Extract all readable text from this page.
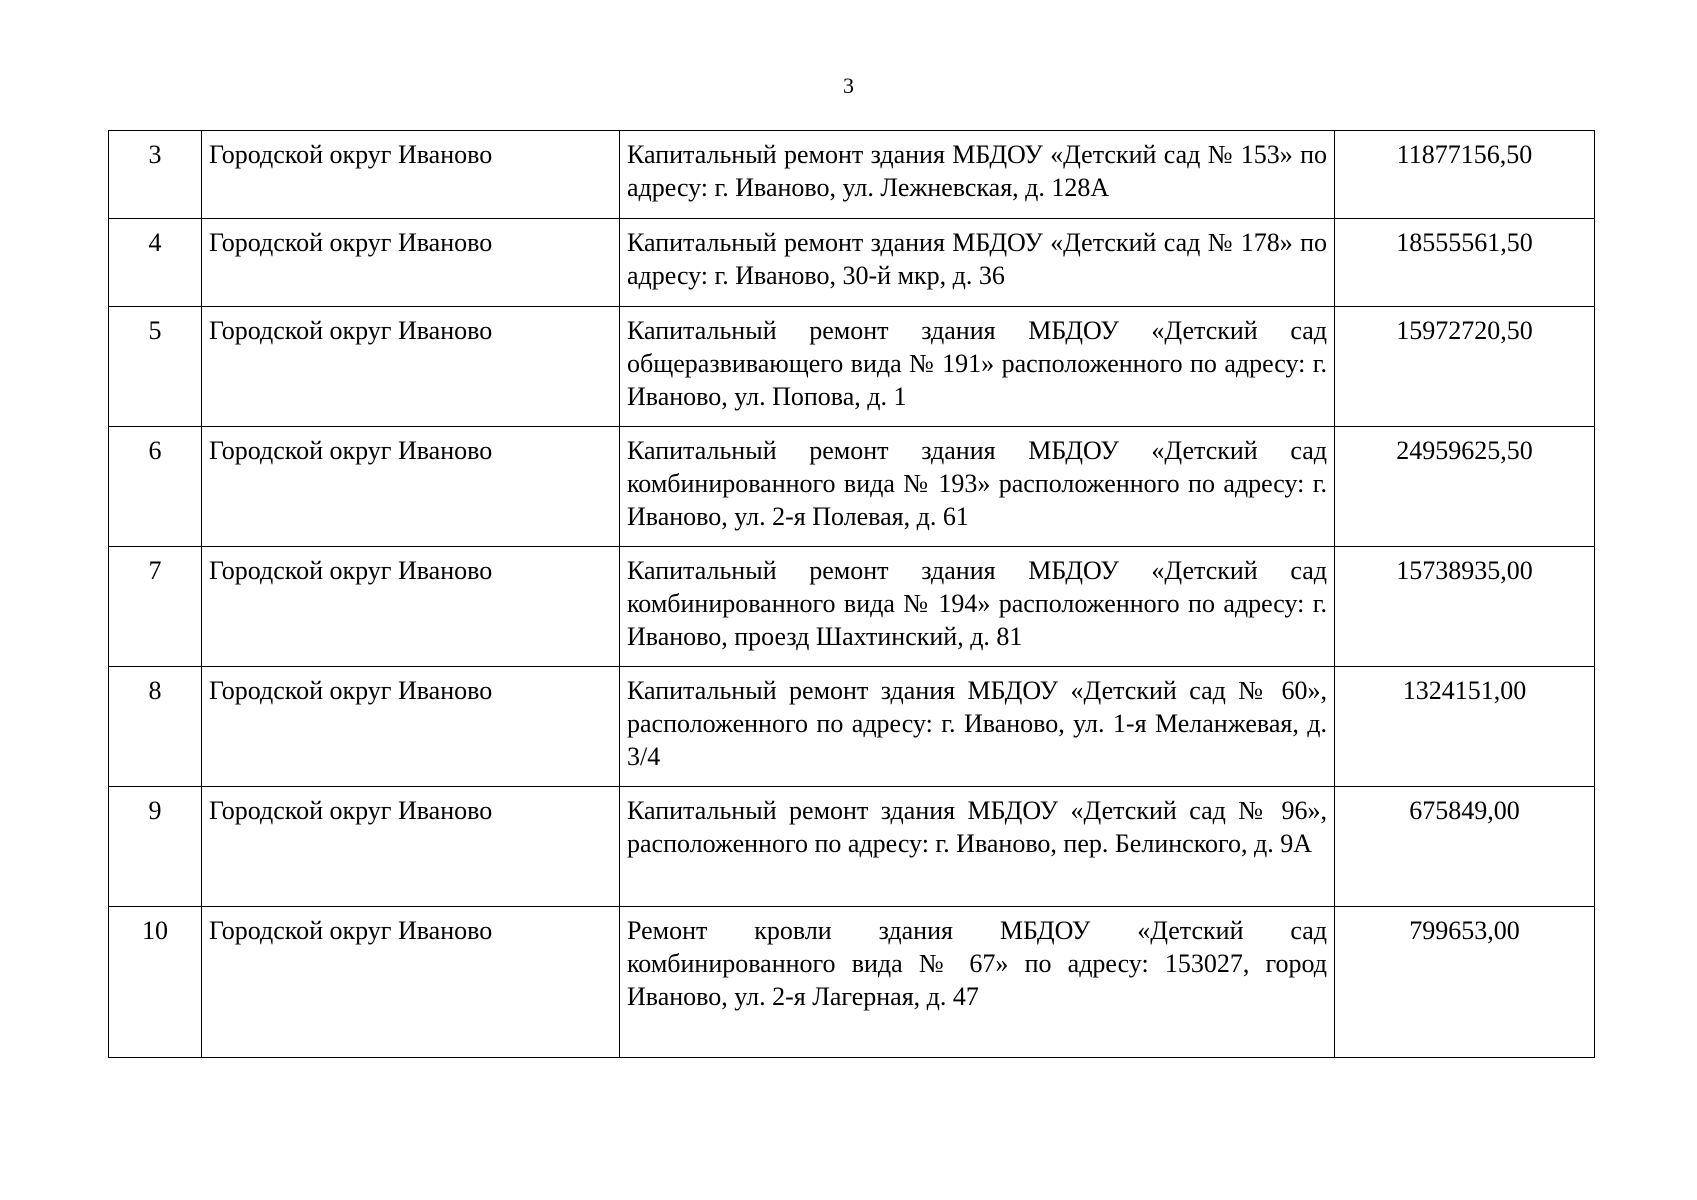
3
3	Городской округ Иваново	Капитальный ремонт здания МБДОУ «Детский сад № 153» по адресу: г. Иваново, ул. Лежневская, д. 128А	11877156,50
4	Городской округ Иваново	Капитальный ремонт здания МБДОУ «Детский сад № 178» по адресу: г. Иваново, 30-й мкр, д. 36	18555561,50
5	Городской округ Иваново	Капитальный ремонт здания МБДОУ «Детский сад общеразвивающего вида № 191» расположенного по адресу: г. Иваново, ул. Попова, д. 1	15972720,50
6	Городской округ Иваново	Капитальный ремонт здания МБДОУ «Детский сад комбинированного вида № 193» расположенного по адресу: г. Иваново, ул. 2-я Полевая, д. 61	24959625,50
7	Городской округ Иваново	Капитальный ремонт здания МБДОУ «Детский сад комбинированного вида № 194» расположенного по адресу: г. Иваново, проезд Шахтинский, д. 81	15738935,00
8	Городской округ Иваново	Капитальный ремонт здания МБДОУ «Детский сад № 60», расположенного по адресу: г. Иваново, ул. 1-я Меланжевая, д. 3/4	1324151,00
9	Городской округ Иваново	Капитальный ремонт здания МБДОУ «Детский сад № 96», расположенного по адресу: г. Иваново, пер. Белинского, д. 9А	675849,00
10	Городской округ Иваново	Ремонт кровли здания МБДОУ «Детский сад комбинированного вида № 67» по адресу: 153027, город Иваново, ул. 2-я Лагерная, д. 47	799653,00
